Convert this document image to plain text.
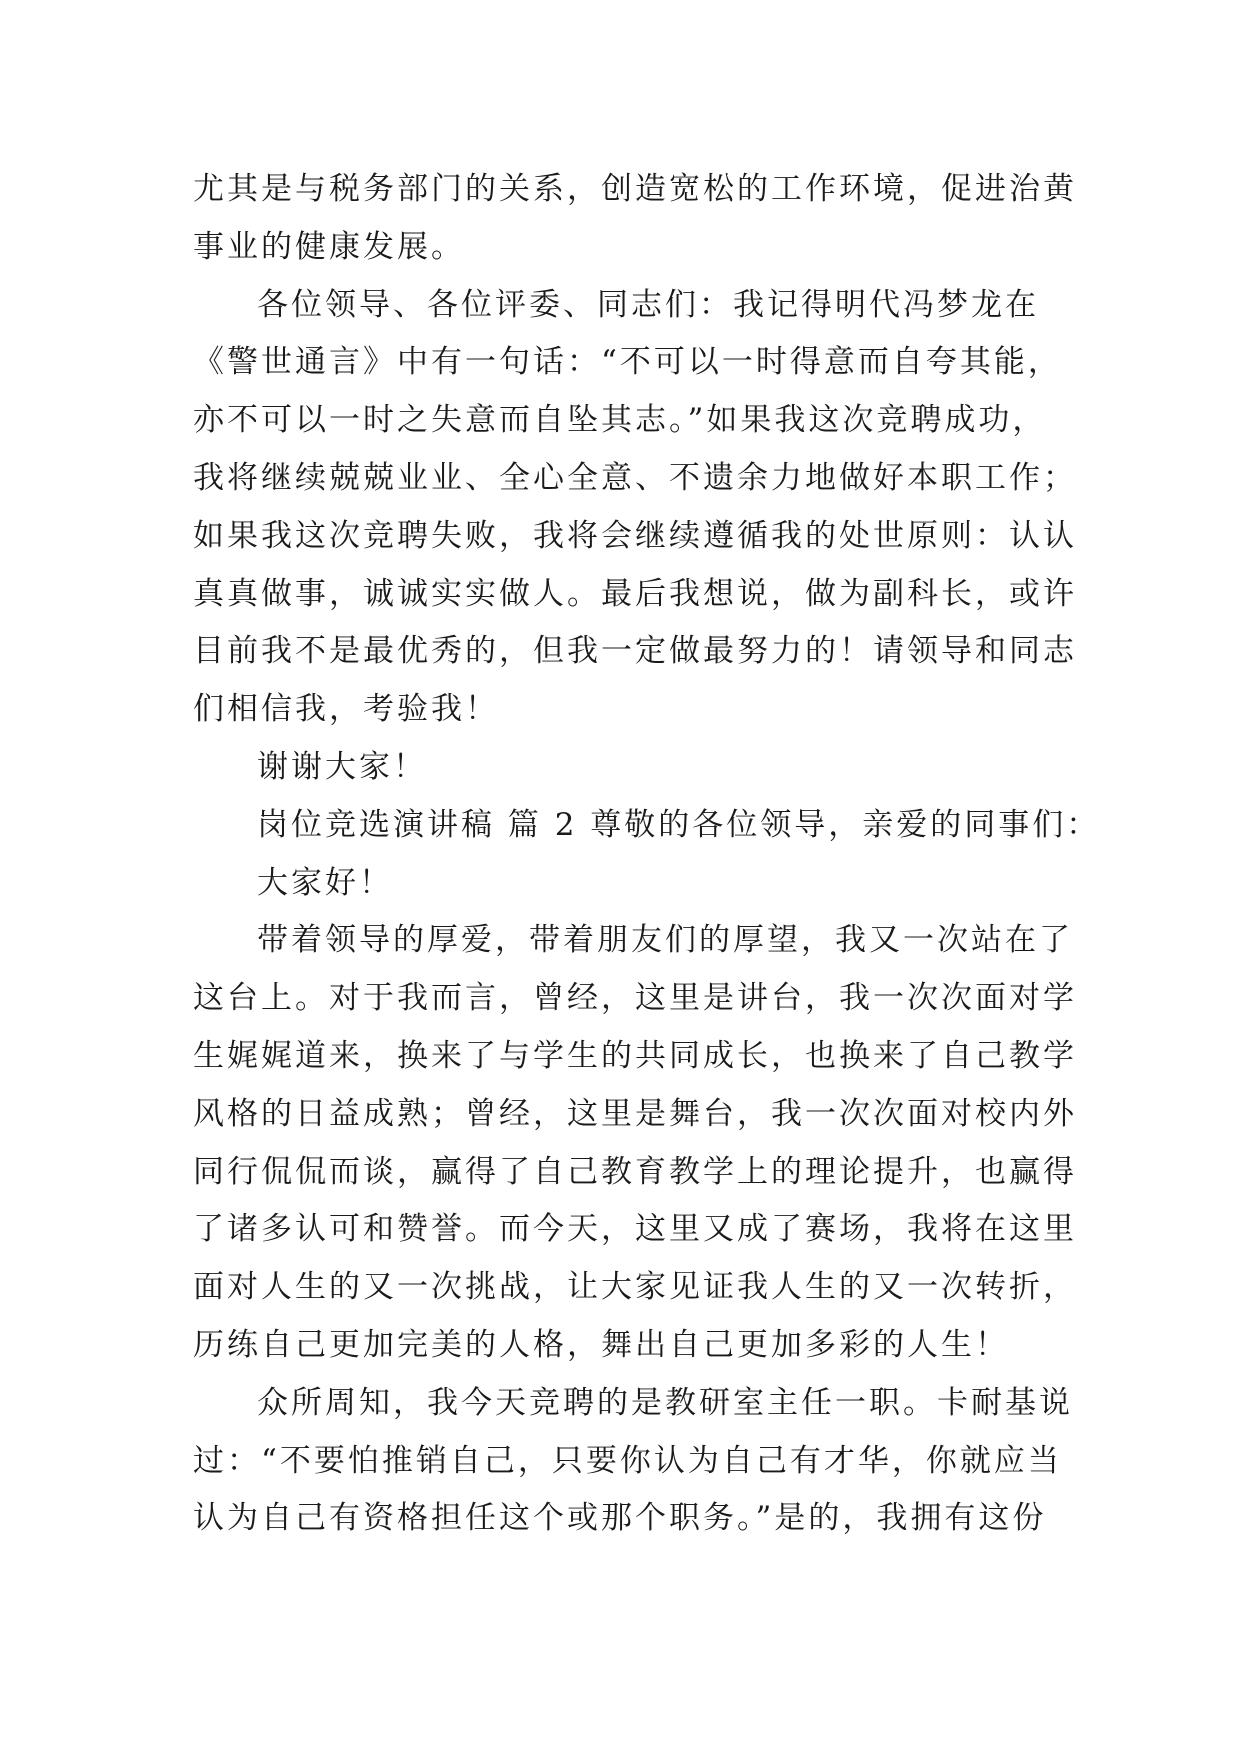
尤其是与税务部门的关系，创造宽松的工作环境，促进治黄
事业的健康发展。
各位领导、各位评委、同志们：我记得明代冯梦龙在
《警世通言》中有一句话：“不可以一时得意而自夸其能，
亦不可以一时之失意而自坠其志。”如果我这次竞聘成功，
我将继续兢兢业业、全心全意、不遗余力地做好本职工作；
如果我这次竞聘失败，我将会继续遵循我的处世原则：认认
真真做事，诚诚实实做人。最后我想说，做为副科长，或许
目前我不是最优秀的，但我一定做最努力的！请领导和同志
们相信我，考验我！
谢谢大家！
岗位竞选演讲稿 篇 2 尊敬的各位领导，亲爱的同事们：
大家好！
带着领导的厚爱，带着朋友们的厚望，我又一次站在了
这台上。对于我而言，曾经，这里是讲台，我一次次面对学
生娓娓道来，换来了与学生的共同成长，也换来了自己教学
风格的日益成熟；曾经，这里是舞台，我一次次面对校内外
同行侃侃而谈，赢得了自己教育教学上的理论提升，也赢得
了诸多认可和赞誉。而今天，这里又成了赛场，我将在这里
面对人生的又一次挑战，让大家见证我人生的又一次转折，
历练自己更加完美的人格，舞出自己更加多彩的人生！
众所周知，我今天竞聘的是教研室主任一职。卡耐基说
过：“不要怕推销自己，只要你认为自己有才华，你就应当
认为自己有资格担任这个或那个职务。”是的，我拥有这份
